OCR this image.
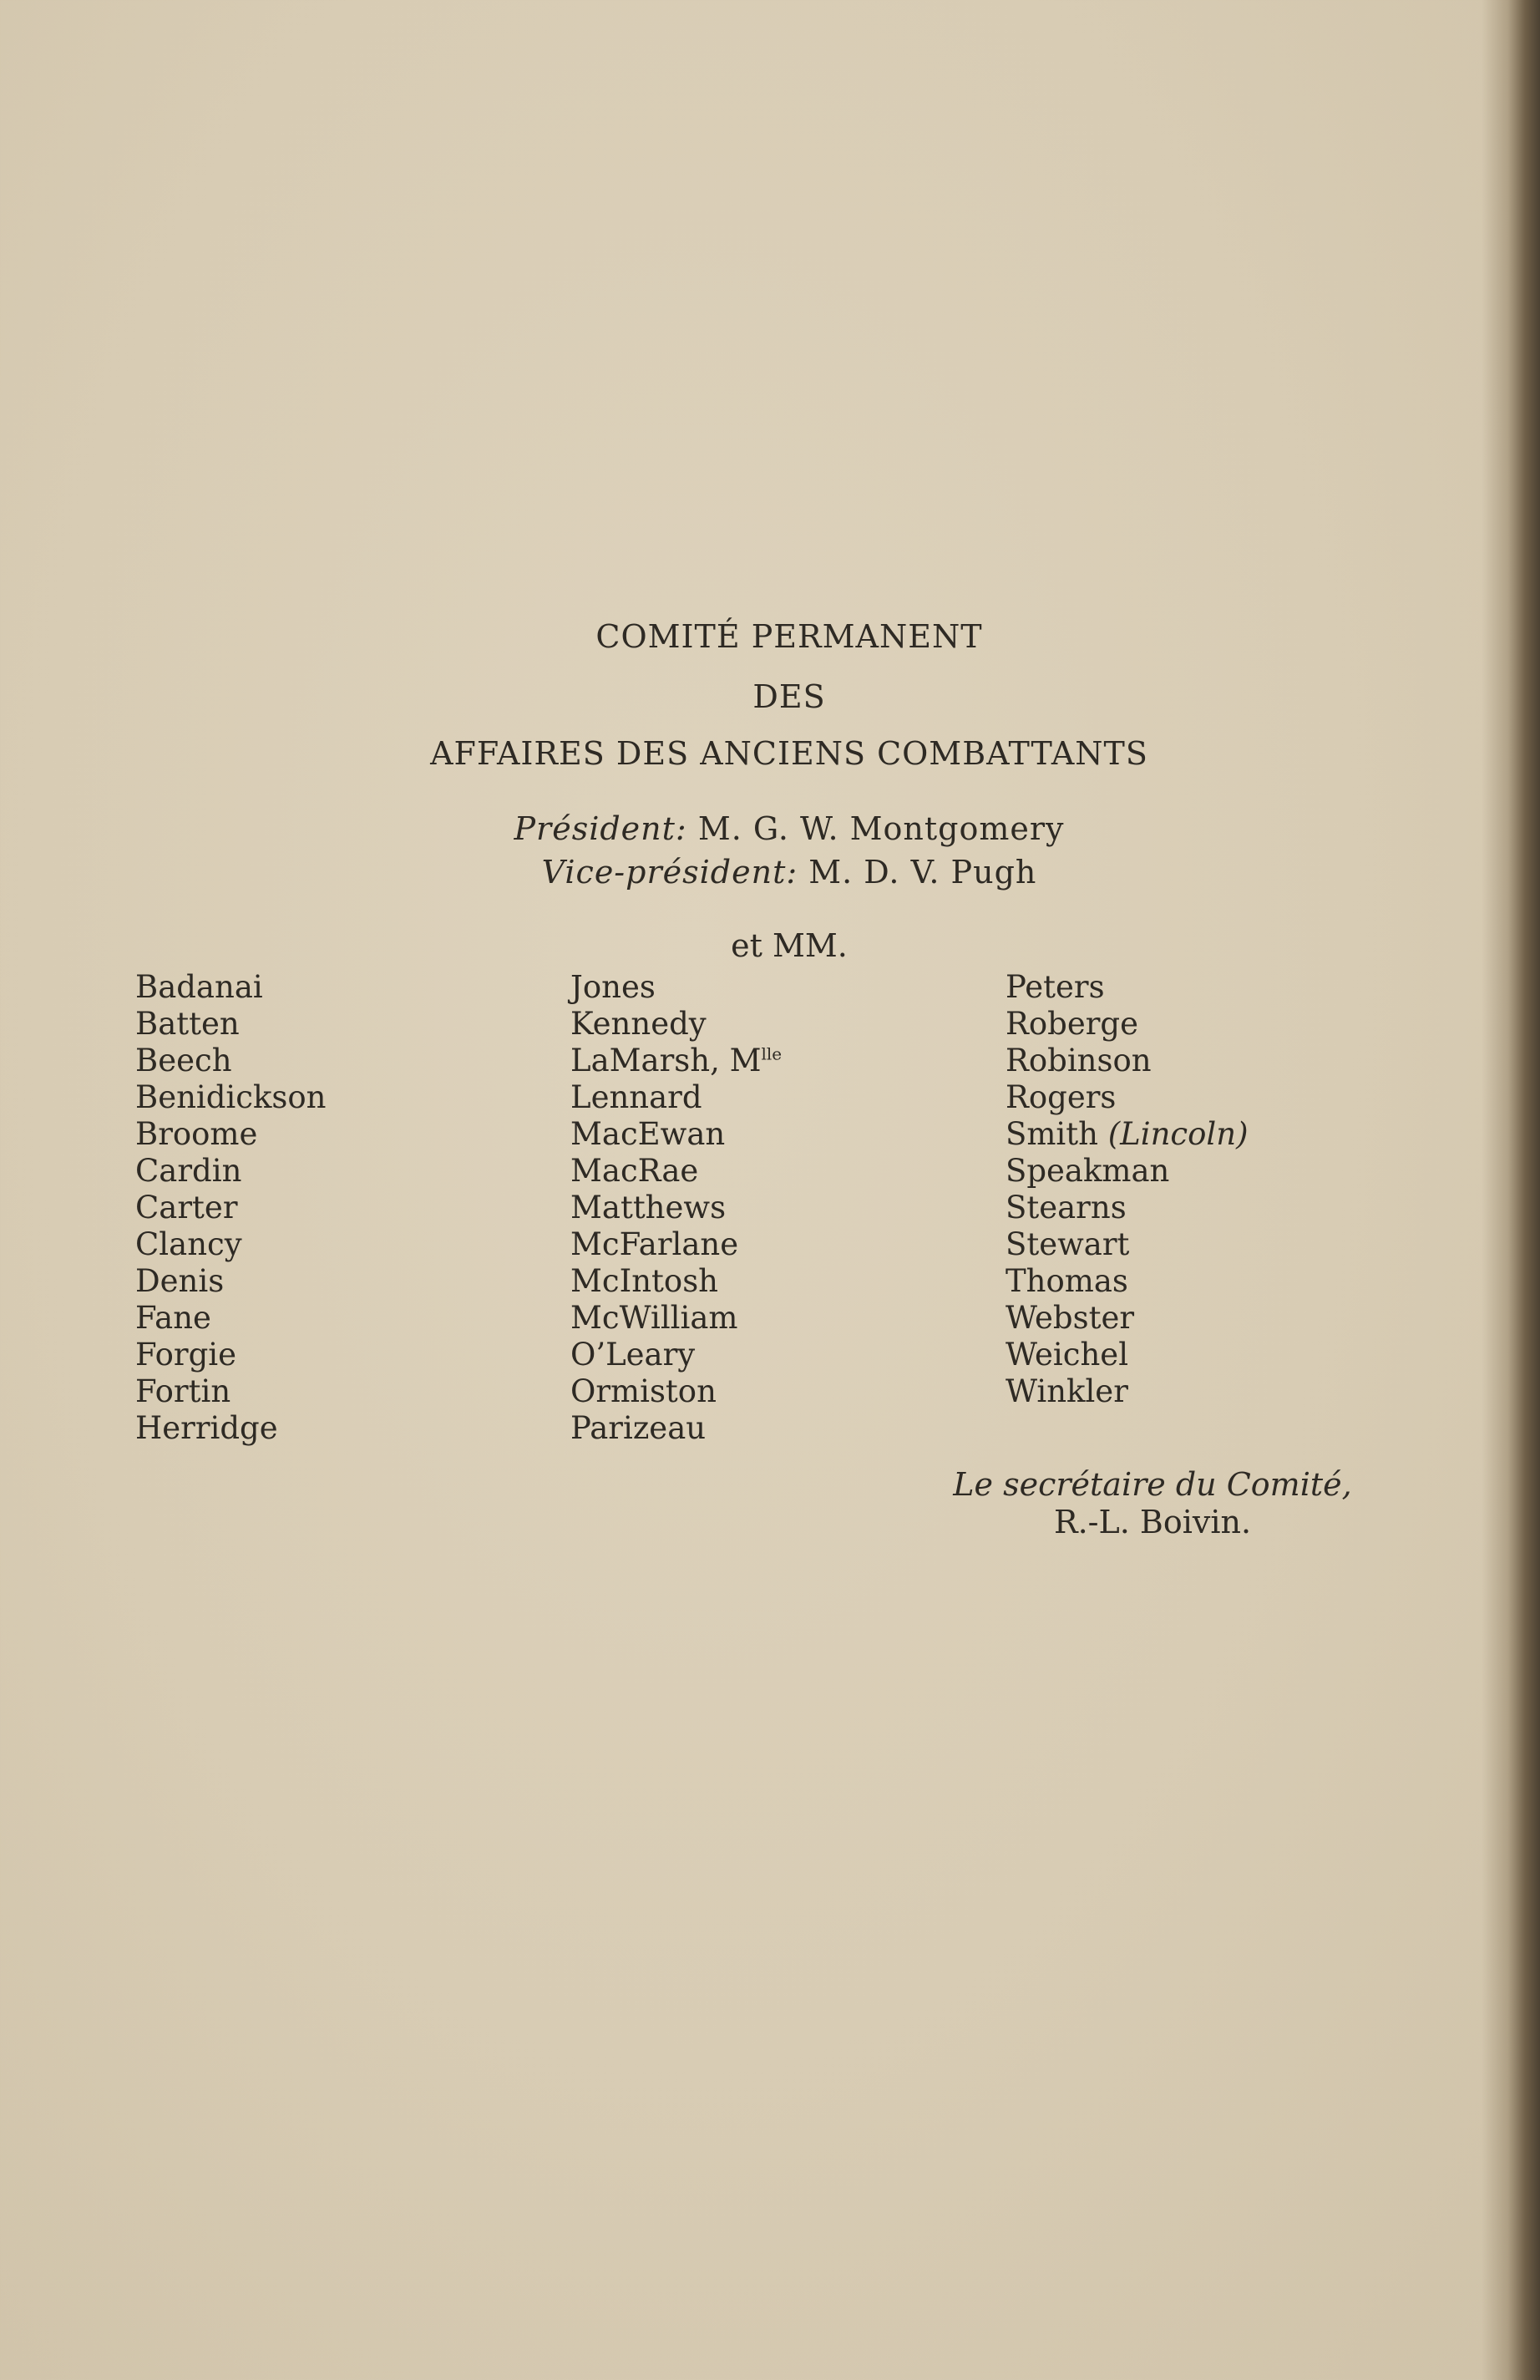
COMITÉ PERMANENT
DES
AFFAIRES DES ANCIENS COMBATTANTS
Président: M. G. W. Montgomery
Vice-président: M. D. V. Pugh
et MM.
Badanai
Batten
Beech
Benidickson
Broome
Cardin
Carter
Clancy
Denis
Fane
Forgie
Fortin
Herridge
Jones
Kennedy
LaMarsh, $M^{lle}$
Lennard
MacEwan
MacRae
Matthews
McFarlane
McIntosh
McWilliam
O’Leary
Ormiston
Parizeau
Peters
Roberge
Robinson
Rogers
Smith (Lincoln)
Speakman
Stearns
Stewart
Thomas
Webster
Weichel
Winkler
Le secrétaire du Comité,
R.-L. Boivin.
